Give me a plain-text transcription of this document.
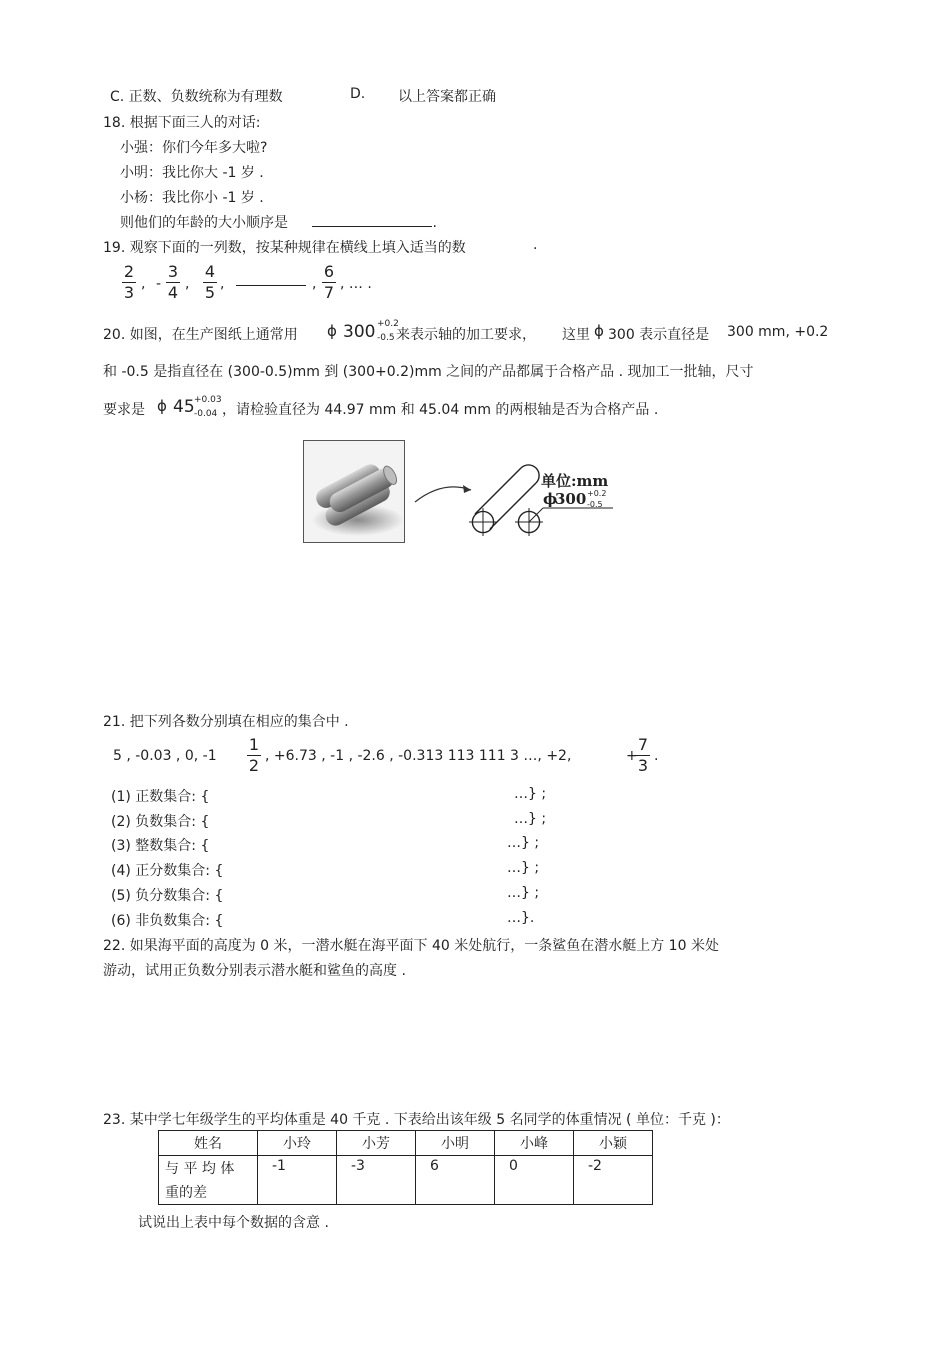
C. 正数、负数统称为有理数	D. 以上答案都正确
18. 根据下面三人的对话:
小强：你们今年多大啦?
小明：我比你大 -1 岁 .
小杨：我比你小 -1 岁 .
则他们的年龄的大小顺序是	.
19. 观察下面的一列数，按某种规律在横线上填入适当的数	.
$\frac{2}{3}$ , - $\frac{3}{4}$ , $\frac{4}{5}$ ,	, $\frac{6}{7}$ , … .
20. 如图，在生产图纸上通常用 ϕ 300 +0.2
-0.5 来表示轴的加工要求， 这里 ϕ 300 表示直径是 300 mm, +0.2
和 -0.5 是指直径在 (300-0.5)mm 到 (300+0.2)mm 之间的产品都属于合格产品 . 现加工一批轴，尺寸
要求是 ϕ 45 +0.03
-0.04 ，请检验直径为 44.97 mm 和 45.04 mm 的两根轴是否为合格产品 .
单位:mm
ϕ
300 +0.2
-0.5
21. 把下列各数分别填在相应的集合中 .
5 , -0.03 , 0, $-1 \frac{1}{2}$ , +6.73 , -1 , -2.6 , -0.313 113 111 3 …, +2,	+
$\frac{7}{3}$ .
(1) 正数集合: {	…} ;
(2) 负数集合: {	…} ;
(3) 整数集合: {	…} ;
(4) 正分数集合: {	…} ;
(5) 负分数集合: {	…} ;
(6) 非负数集合: {	…}.
22. 如果海平面的高度为 0 米，一潜水艇在海平面下 40 米处航行，一条鲨鱼在潜水艇上方 10 米处
游动，试用正负数分别表示潜水艇和鲨鱼的高度 .
23. 某中学七年级学生的平均体重是 40 千克 . 下表给出该年级 5 名同学的体重情况 ( 单位：千克 )：
姓名	小玲	小芳	小明	小峰	小颖

与 平 均 体
重的差	-1	-3	6	0	-2
试说出上表中每个数据的含意 .
